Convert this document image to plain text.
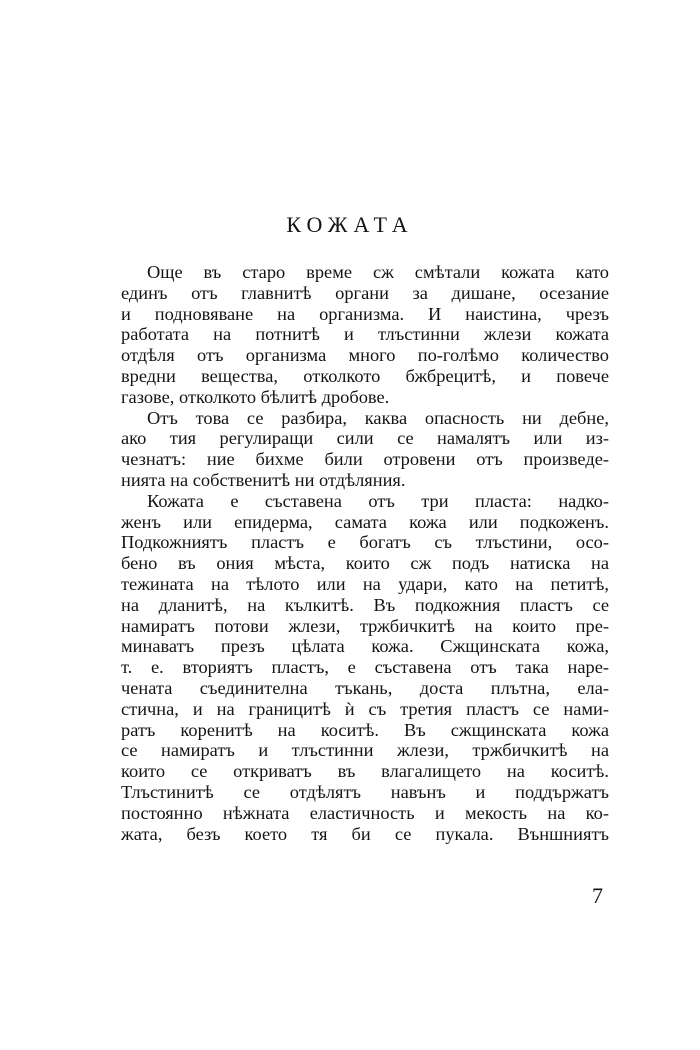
КОЖАТА
Още въ старо време сж смѣтали кожата като
единъ отъ главнитѣ органи за дишане, осезание
и подновяване на организма. И наистина, чрезъ
работата на потнитѣ и тлъстинни жлези кожата
отдѣля отъ организма много по-голѣмо количество
вредни вещества, отколкото бжбрецитѣ, и повече
газове, отколкото бѣлитѣ дробове.
Отъ това се разбира, каква опасность ни дебне,
ако тия регулиращи сили се намалятъ или из-
чезнатъ: ние бихме били отровени отъ произведе-
нията на собственитѣ ни отдѣляния.
Кожата е съставена отъ три пласта: надко-
женъ или епидерма, самата кожа или подкоженъ.
Подкожниятъ пластъ е богатъ съ тлъстини, осо-
бено въ ония мѣста, които сж подъ натиска на
тежината на тѣлото или на удари, като на петитѣ,
на дланитѣ, на кълкитѣ. Въ подкожния пластъ се
намиратъ потови жлези, тржбичкитѣ на които пре-
минаватъ презъ цѣлата кожа. Сжщинската кожа,
т. е. вториятъ пластъ, е съставена отъ така наре-
чената съединителна тъкань, доста плътна, ела-
стична, и на границитѣ ѝ съ третия пластъ се нами-
ратъ коренитѣ на коситѣ. Въ сжщинската кожа
се намиратъ и тлъстинни жлези, тржбичкитѣ на
които се откриватъ въ влагалището на коситѣ.
Тлъстинитѣ се отдѣлятъ навънъ и поддържатъ
постоянно нѣжната еластичность и мекость на ко-
жата, безъ което тя би се пукала. Външниятъ

7
